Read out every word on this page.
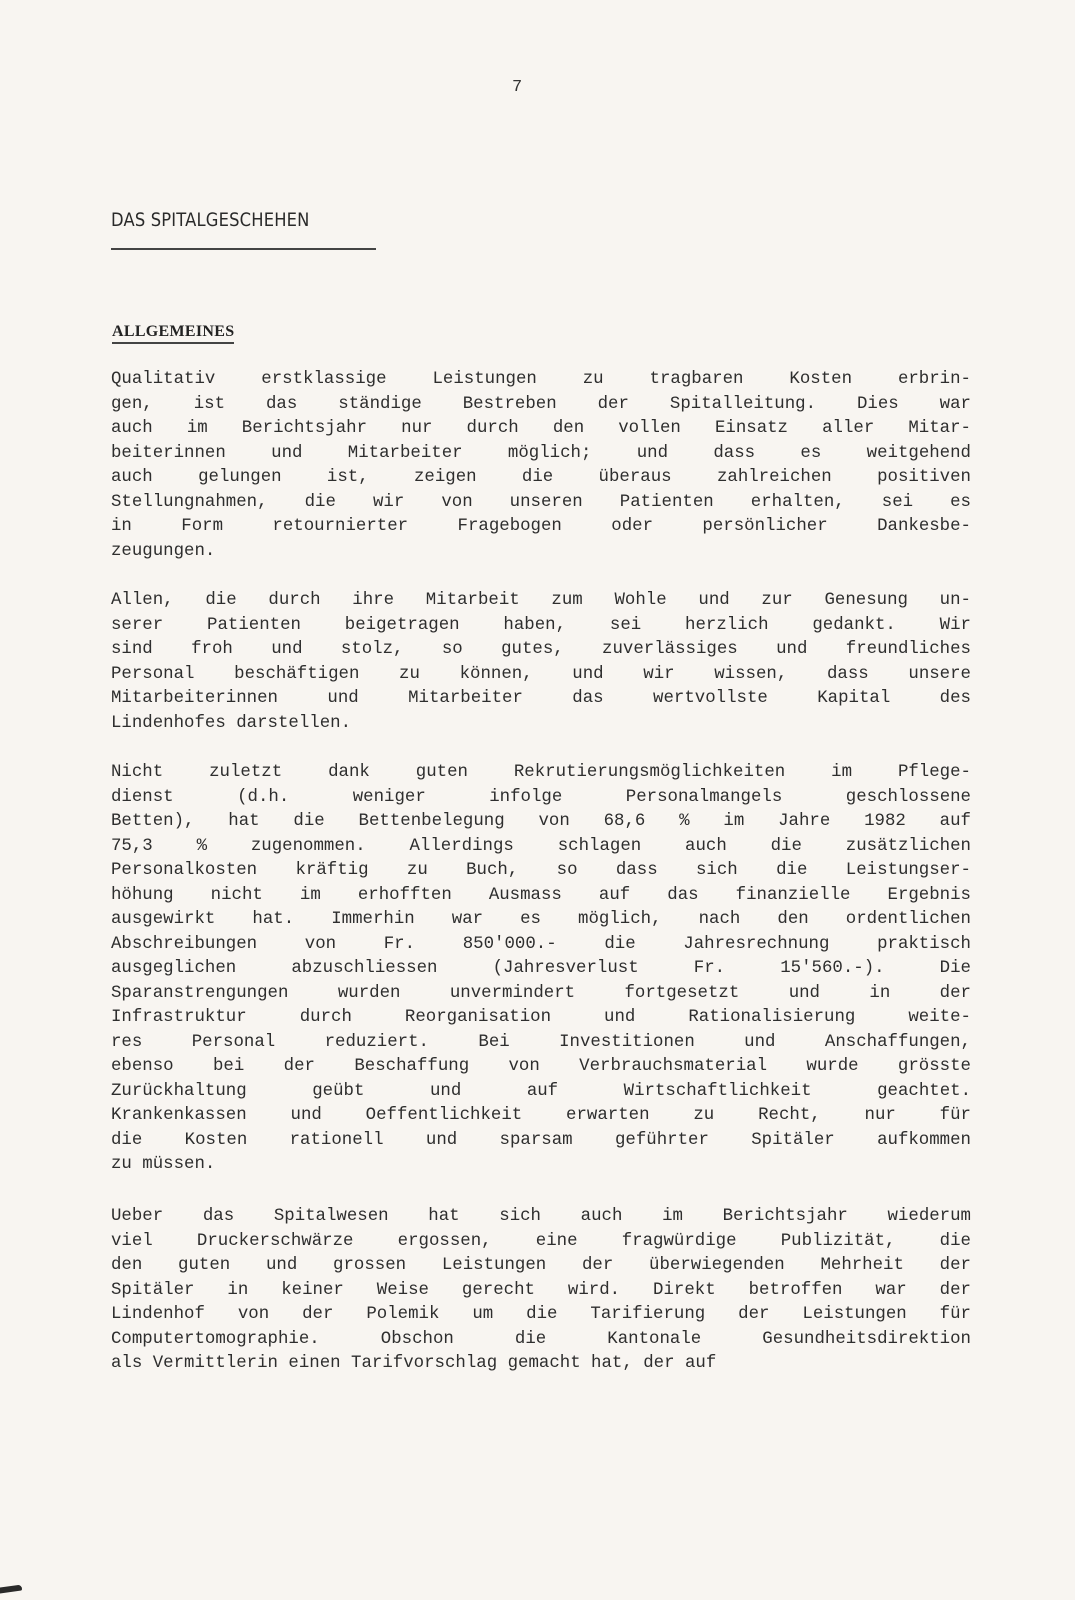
7
DAS SPITALGESCHEHEN
ALLGEMEINES
Qualitativ erstklassige Leistungen zu tragbaren Kosten erbrin-
gen, ist das ständige Bestreben der Spitalleitung. Dies war
auch im Berichtsjahr nur durch den vollen Einsatz aller Mitar-
beiterinnen und Mitarbeiter möglich; und dass es weitgehend
auch gelungen ist, zeigen die überaus zahlreichen positiven
Stellungnahmen, die wir von unseren Patienten erhalten, sei es
in Form retournierter Fragebogen oder persönlicher Dankesbe-
zeugungen.
Allen, die durch ihre Mitarbeit zum Wohle und zur Genesung un-
serer Patienten beigetragen haben, sei herzlich gedankt. Wir
sind froh und stolz, so gutes, zuverlässiges und freundliches
Personal beschäftigen zu können, und wir wissen, dass unsere
Mitarbeiterinnen und Mitarbeiter das wertvollste Kapital des
Lindenhofes darstellen.
Nicht zuletzt dank guten Rekrutierungsmöglichkeiten im Pflege-
dienst (d.h. weniger infolge Personalmangels geschlossene
Betten), hat die Bettenbelegung von 68,6 % im Jahre 1982 auf
75,3 % zugenommen. Allerdings schlagen auch die zusätzlichen
Personalkosten kräftig zu Buch, so dass sich die Leistungser-
höhung nicht im erhofften Ausmass auf das finanzielle Ergebnis
ausgewirkt hat. Immerhin war es möglich, nach den ordentlichen
Abschreibungen von Fr. 850'000.- die Jahresrechnung praktisch
ausgeglichen abzuschliessen (Jahresverlust Fr. 15'560.-). Die
Sparanstrengungen wurden unvermindert fortgesetzt und in der
Infrastruktur durch Reorganisation und Rationalisierung weite-
res Personal reduziert. Bei Investitionen und Anschaffungen,
ebenso bei der Beschaffung von Verbrauchsmaterial wurde grösste
Zurückhaltung geübt und auf Wirtschaftlichkeit geachtet.
Krankenkassen und Oeffentlichkeit erwarten zu Recht, nur für
die Kosten rationell und sparsam geführter Spitäler aufkommen
zu müssen.
Ueber das Spitalwesen hat sich auch im Berichtsjahr wiederum
viel Druckerschwärze ergossen, eine fragwürdige Publizität, die
den guten und grossen Leistungen der überwiegenden Mehrheit der
Spitäler in keiner Weise gerecht wird. Direkt betroffen war der
Lindenhof von der Polemik um die Tarifierung der Leistungen für
Computertomographie. Obschon die Kantonale Gesundheitsdirektion
als Vermittlerin einen Tarifvorschlag gemacht hat, der auf
